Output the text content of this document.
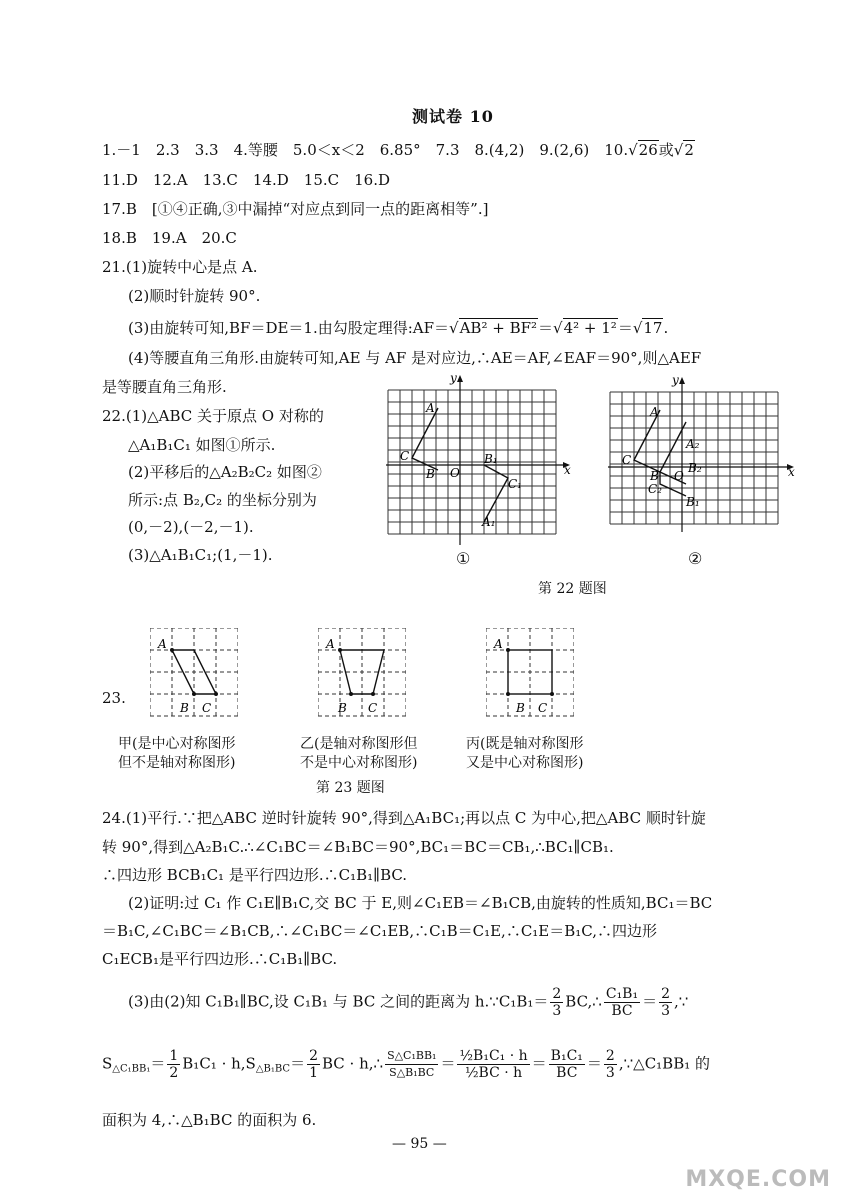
测试卷 10
1.－1　2.3　3.3　4.等腰　5.0＜x＜2　6.85°　7.3　8.(4,2)　9.(2,6)　10.√26或√2
11.D　12.A　13.C　14.D　15.C　16.D
17.B　[①④正确,③中漏掉“对应点到同一点的距离相等”.]
18.B　19.A　20.C
21.(1)旋转中心是点 A.
(2)顺时针旋转 90°.
(3)由旋转可知,BF＝DE＝1.由勾股定理得:AF＝√AB² + BF²＝√4² + 1²＝√17.
(4)等腰直角三角形.由旋转可知,AE 与 AF 是对应边,∴AE＝AF,∠EAF＝90°,则△AEF
是等腰直角三角形.
22.(1)△ABC 关于原点 O 对称的
△A₁B₁C₁ 如图①所示.
(2)平移后的△A₂B₂C₂ 如图②
所示:点 B₂,C₂ 的坐标分别为
(0,－2),(－2,－1).
(3)△A₁B₁C₁;(1,－1).
x
y
A
C
B O
B₁
C₁
A₁
①
x
y
A
A₂
C
B O
C₂
B₂
B₁
②
第 22 题图
23.
A
B C
A
B C
A
B C
甲(是中心对称图形
但不是轴对称图形)
乙(是轴对称图形但
不是中心对称图形)
丙(既是轴对称图形
又是中心对称图形)
第 23 题图
24.(1)平行.∵把△ABC 逆时针旋转 90°,得到△A₁BC₁;再以点 C 为中心,把△ABC 顺时针旋
转 90°,得到△A₂B₁C.∴∠C₁BC＝∠B₁BC＝90°,BC₁＝BC＝CB₁,∴BC₁∥CB₁.
∴四边形 BCB₁C₁ 是平行四边形.∴C₁B₁∥BC.
(2)证明:过 C₁ 作 C₁E∥B₁C,交 BC 于 E,则∠C₁EB＝∠B₁CB,由旋转的性质知,BC₁＝BC
＝B₁C,∠C₁BC＝∠B₁CB,∴∠C₁BC＝∠C₁EB,∴C₁B＝C₁E,∴C₁E＝B₁C,∴四边形
C₁ECB₁是平行四边形.∴C₁B₁∥BC.
(3)由(2)知 C₁B₁∥BC,设 C₁B₁ 与 BC 之间的距离为 h.∵C₁B₁＝ $\frac{2}{3}$ BC,∴ $\frac{\text{C₁B₁}}{BC} = \frac{2}{3}$ ,∵
$S_{\triangle C_1BB_1}= \frac{1}{2} B_1C_1 \cdot h,S_{\triangle B_1BC}= \frac{2}{1}$ BC · h,∴ $\frac{\text{S△C₁BB₁}}{\text{S△B₁BC}} = \frac{\text{½B₁C₁ · h}}{\text{½BC · h}} = \frac{\text{B₁C₁}}{BC} = \frac{2}{3}$ ,∵△C₁BB₁ 的
面积为 4,∴△B₁BC 的面积为 6.
— 95 —
MXQE.COM
